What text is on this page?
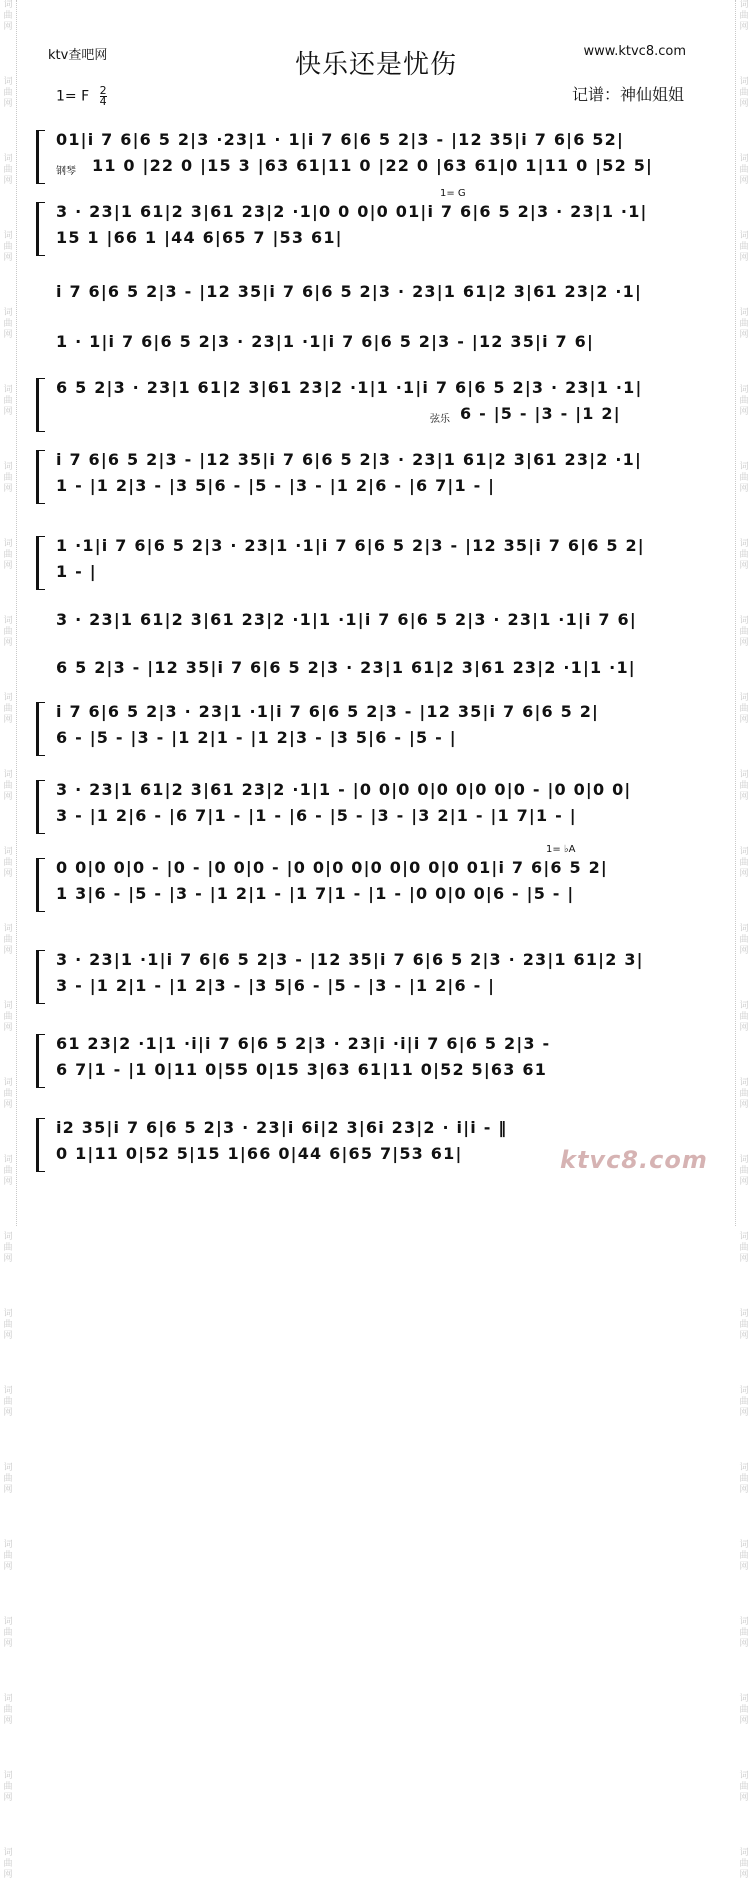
词曲网
词曲网
词曲网
词曲网
词曲网
词曲网
词曲网
词曲网
词曲网
词曲网
词曲网
词曲网
词曲网
词曲网
词曲网
词曲网
词曲网
词曲网
词曲网
词曲网
词曲网
词曲网
词曲网
词曲网
词曲网
词曲网
词曲网
词曲网
词曲网
词曲网
词曲网
词曲网
词曲网
词曲网
词曲网
词曲网
词曲网
词曲网
词曲网
词曲网
词曲网
词曲网
词曲网
词曲网
词曲网
词曲网
词曲网
词曲网
词曲网
词曲网
ktv查吧网	快乐还是忧伤	www.ktvc8.com
1= F $\frac{2}{4}$	记谱：神仙姐姐
01|i 7 6|6 5 2|3 ·23|1 · 1|i 7 6|6 5 2|3 - |12 35|i 7 6|6 52|
11 0 |22 0 |15 3 |63 61|11 0 |22 0 |63 61|0 1|11 0 |52 5|
钢琴
3 · 23|1 61|2 3|61 23|2 ·1|0 0 0|0 01|i 7 6|6 5 2|3 · 23|1 ·1|
1= G
15 1 |66 1 |44 6|65 7 |53 61|
i 7 6|6 5 2|3 - |12 35|i 7 6|6 5 2|3 · 23|1 61|2 3|61 23|2 ·1|
1 · 1|i 7 6|6 5 2|3 · 23|1 ·1|i 7 6|6 5 2|3 - |12 35|i 7 6|
6 5 2|3 · 23|1 61|2 3|61 23|2 ·1|1 ·1|i 7 6|6 5 2|3 · 23|1 ·1|
6 - |5 - |3 - |1 2|
弦乐
i 7 6|6 5 2|3 - |12 35|i 7 6|6 5 2|3 · 23|1 61|2 3|61 23|2 ·1|
1 - |1 2|3 - |3 5|6 - |5 - |3 - |1 2|6 - |6 7|1 - |
1 ·1|i 7 6|6 5 2|3 · 23|1 ·1|i 7 6|6 5 2|3 - |12 35|i 7 6|6 5 2|
1 - |
3 · 23|1 61|2 3|61 23|2 ·1|1 ·1|i 7 6|6 5 2|3 · 23|1 ·1|i 7 6|
6 5 2|3 - |12 35|i 7 6|6 5 2|3 · 23|1 61|2 3|61 23|2 ·1|1 ·1|
i 7 6|6 5 2|3 · 23|1 ·1|i 7 6|6 5 2|3 - |12 35|i 7 6|6 5 2|
6 - |5 - |3 - |1 2|1 - |1 2|3 - |3 5|6 - |5 - |
3 · 23|1 61|2 3|61 23|2 ·1|1 - |0 0|0 0|0 0|0 0|0 - |0 0|0 0|
3 - |1 2|6 - |6 7|1 - |1 - |6 - |5 - |3 - |3 2|1 - |1 7|1 - |
0 0|0 0|0 - |0 - |0 0|0 - |0 0|0 0|0 0|0 0|0 01|i 7 6|6 5 2|
1= ♭A
1 3|6 - |5 - |3 - |1 2|1 - |1 7|1 - |1 - |0 0|0 0|6 - |5 - |
3 · 23|1 ·1|i 7 6|6 5 2|3 - |12 35|i 7 6|6 5 2|3 · 23|1 61|2 3|
3 - |1 2|1 - |1 2|3 - |3 5|6 - |5 - |3 - |1 2|6 - |
61 23|2 ·1|1 ·i|i 7 6|6 5 2|3 · 23|i ·i|i 7 6|6 5 2|3 -
6 7|1 - |1 0|11 0|55 0|15 3|63 61|11 0|52 5|63 61
i2 35|i 7 6|6 5 2|3 · 23|i 6i|2 3|6i 23|2 · i|i - ‖
0 1|11 0|52 5|15 1|66 0|44 6|65 7|53 61|	ktvc8.com
